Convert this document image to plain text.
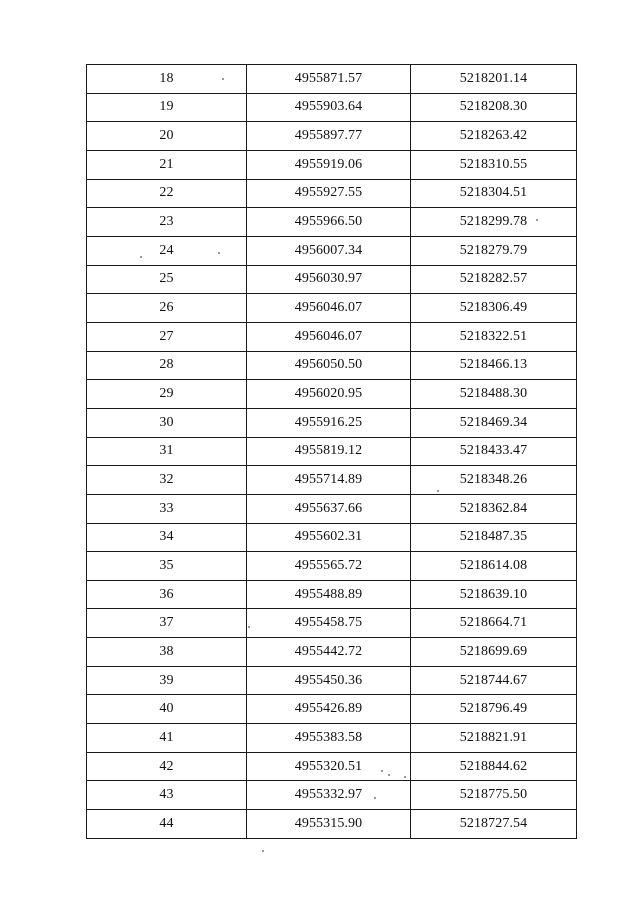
18	4955871.57	5218201.14
19	4955903.64	5218208.30
20	4955897.77	5218263.42
21	4955919.06	5218310.55
22	4955927.55	5218304.51
23	4955966.50	5218299.78
24	4956007.34	5218279.79
25	4956030.97	5218282.57
26	4956046.07	5218306.49
27	4956046.07	5218322.51
28	4956050.50	5218466.13
29	4956020.95	5218488.30
30	4955916.25	5218469.34
31	4955819.12	5218433.47
32	4955714.89	5218348.26
33	4955637.66	5218362.84
34	4955602.31	5218487.35
35	4955565.72	5218614.08
36	4955488.89	5218639.10
37	4955458.75	5218664.71
38	4955442.72	5218699.69
39	4955450.36	5218744.67
40	4955426.89	5218796.49
41	4955383.58	5218821.91
42	4955320.51	5218844.62
43	4955332.97	5218775.50
44	4955315.90	5218727.54
